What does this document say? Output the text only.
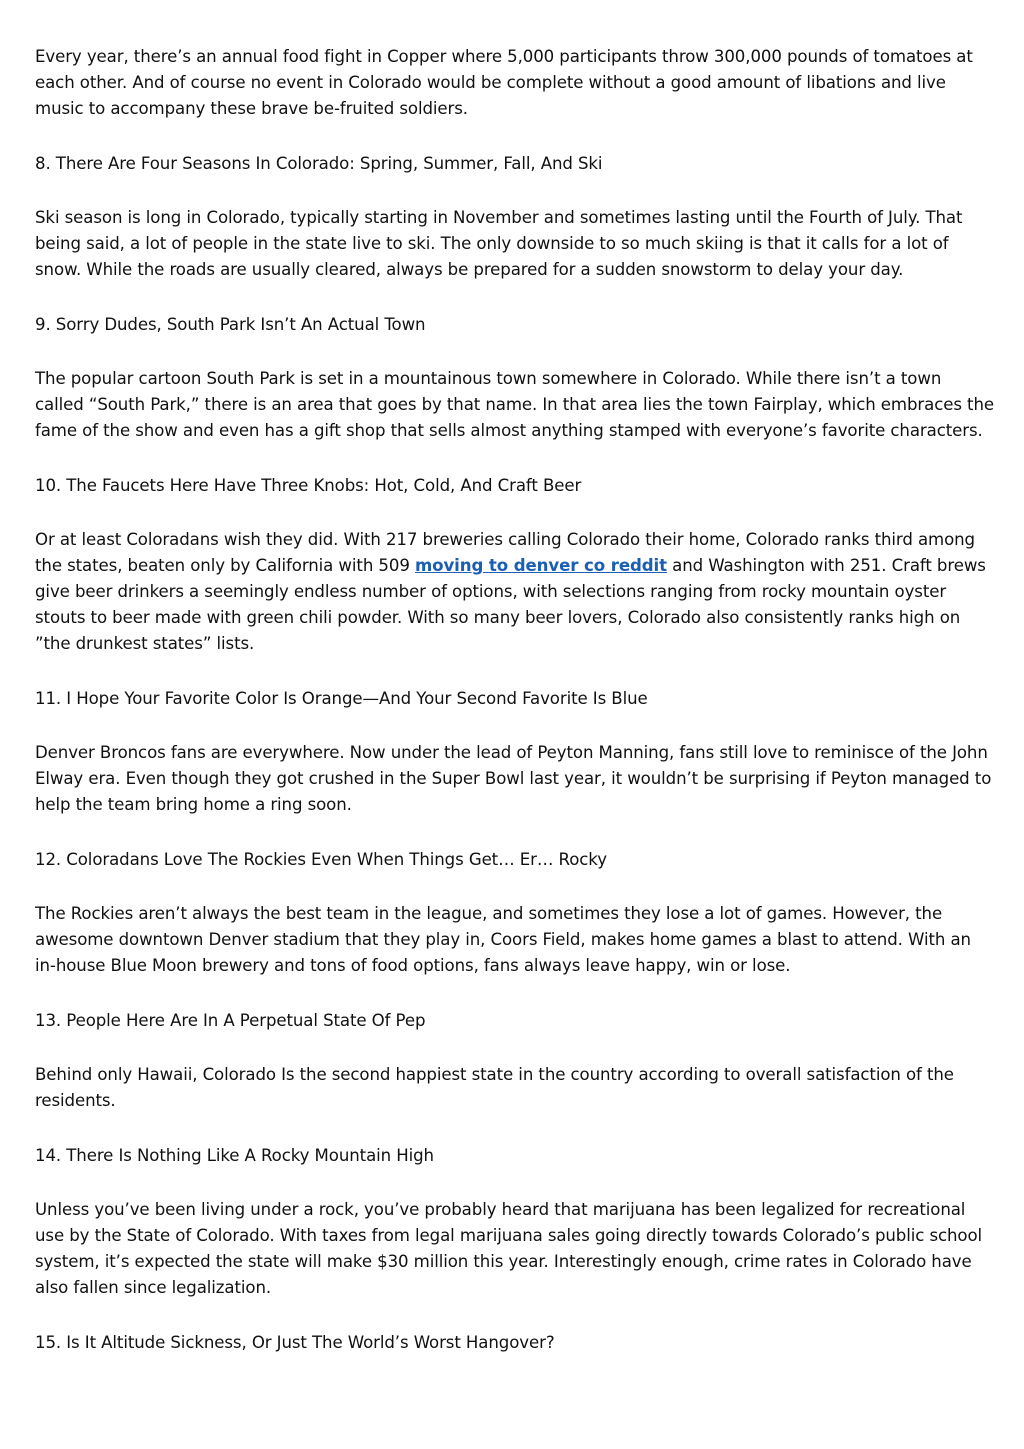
Every year, there’s an annual food fight in Copper where 5,000 participants throw 300,000 pounds of tomatoes at each other. And of course no event in Colorado would be complete without a good amount of libations and live music to accompany these brave be-fruited soldiers.

8. There Are Four Seasons In Colorado: Spring, Summer, Fall, And Ski

Ski season is long in Colorado, typically starting in November and sometimes lasting until the Fourth of July. That being said, a lot of people in the state live to ski. The only downside to so much skiing is that it calls for a lot of snow. While the roads are usually cleared, always be prepared for a sudden snowstorm to delay your day.

9. Sorry Dudes, South Park Isn’t An Actual Town

The popular cartoon South Park is set in a mountainous town somewhere in Colorado. While there isn’t a town called “South Park,” there is an area that goes by that name. In that area lies the town Fairplay, which embraces the fame of the show and even has a gift shop that sells almost anything stamped with everyone’s favorite characters.

10. The Faucets Here Have Three Knobs: Hot, Cold, And Craft Beer

Or at least Coloradans wish they did. With 217 breweries calling Colorado their home, Colorado ranks third among the states, beaten only by California with 509 moving to denver co reddit and Washington with 251. Craft brews give beer drinkers a seemingly endless number of options, with selections ranging from rocky mountain oyster stouts to beer made with green chili powder. With so many beer lovers, Colorado also consistently ranks high on ”the drunkest states” lists.

11. I Hope Your Favorite Color Is Orange—And Your Second Favorite Is Blue

Denver Broncos fans are everywhere. Now under the lead of Peyton Manning, fans still love to reminisce of the John Elway era. Even though they got crushed in the Super Bowl last year, it wouldn’t be surprising if Peyton managed to help the team bring home a ring soon.

12. Coloradans Love The Rockies Even When Things Get… Er… Rocky

The Rockies aren’t always the best team in the league, and sometimes they lose a lot of games. However, the awesome downtown Denver stadium that they play in, Coors Field, makes home games a blast to attend. With an in-house Blue Moon brewery and tons of food options, fans always leave happy, win or lose.

13. People Here Are In A Perpetual State Of Pep

Behind only Hawaii, Colorado Is the second happiest state in the country according to overall satisfaction of the residents.

14. There Is Nothing Like A Rocky Mountain High

Unless you’ve been living under a rock, you’ve probably heard that marijuana has been legalized for recreational use by the State of Colorado. With taxes from legal marijuana sales going directly towards Colorado’s public school system, it’s expected the state will make $30 million this year. Interestingly enough, crime rates in Colorado have also fallen since legalization.

15. Is It Altitude Sickness, Or Just The World’s Worst Hangover?
